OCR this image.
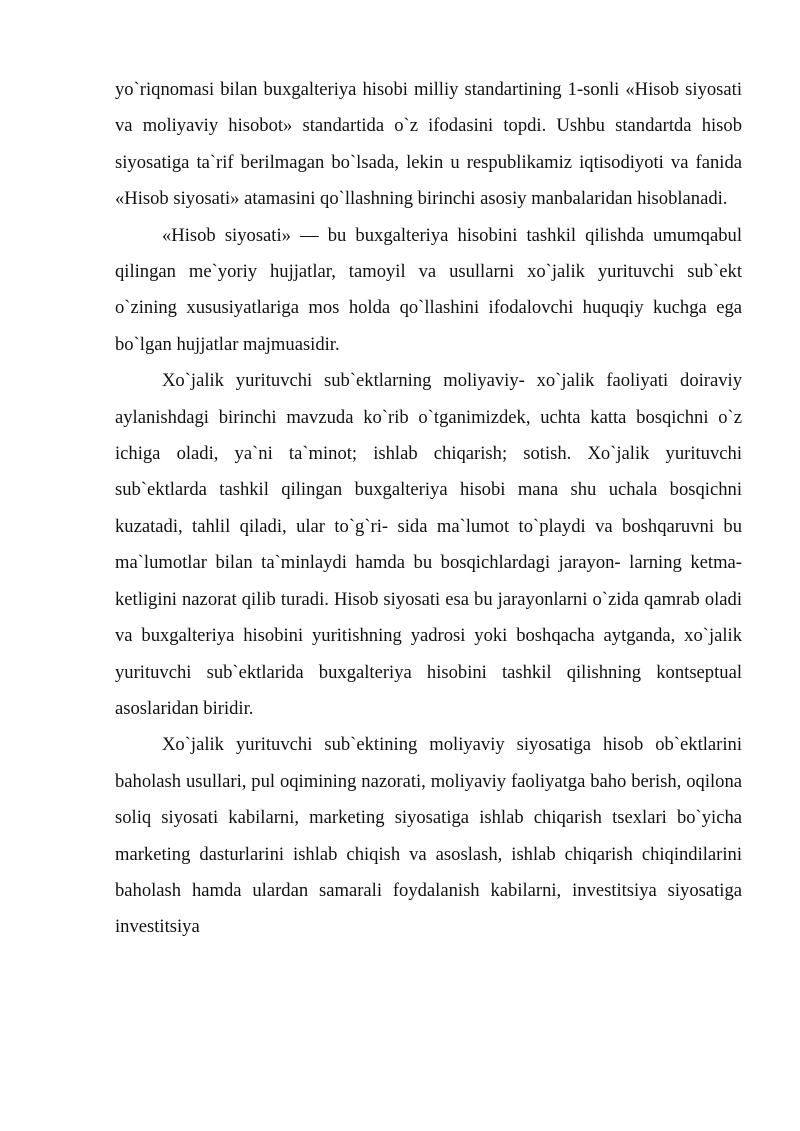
yo`riqnomasi bilan buxgalteriya hisobi milliy standartining 1-sonli «Hisob siyosati va moliyaviy hisobot» standartida o`z ifodasini topdi. Ushbu standartda hisob siyosatiga ta`rif berilmagan bo`lsada, lekin u respublikamiz iqtisodiyoti va fanida «Hisob siyosati» atamasini qo`llashning birinchi asosiy manbalaridan hisoblanadi.

«Hisob siyosati» — bu buxgalteriya hisobini tashkil qilishda umumqabul qilingan me`yoriy hujjatlar, tamoyil va usullarni xo`jalik yurituvchi sub`ekt o`zining xususiyatlariga mos holda qo`llashini ifodalovchi huquqiy kuchga ega bo`lgan hujjatlar majmuasidir.

Xo`jalik yurituvchi sub`ektlarning moliyaviy- xo`jalik faoliyati doiraviy aylanishdagi birinchi mavzuda ko`rib o`tganimizdek, uchta katta bosqichni o`z ichiga oladi, ya`ni ta`minot; ishlab chiqarish; sotish. Xo`jalik yurituvchi sub`ektlarda tashkil qilingan buxgalteriya hisobi mana shu uchala bosqichni kuzatadi, tahlil qiladi, ular to`g`ri- sida ma`lumot to`playdi va boshqaruvni bu ma`lumotlar bilan ta`minlaydi hamda bu bosqichlardagi jarayon- larning ketma-ketligini nazorat qilib turadi. Hisob siyosati esa bu jarayonlarni o`zida qamrab oladi va buxgalteriya hisobini yuritishning yadrosi yoki boshqacha aytganda, xo`jalik yurituvchi sub`ektlarida buxgalteriya hisobini tashkil qilishning kontseptual asoslaridan biridir.

Xo`jalik yurituvchi sub`ektining moliyaviy siyosatiga hisob ob`ektlarini baholash usullari, pul oqimining nazorati, moliyaviy faoliyatga baho berish, oqilona soliq siyosati kabilarni, marketing siyosatiga ishlab chiqarish tsexlari bo`yicha marketing dasturlarini ishlab chiqish va asoslash, ishlab chiqarish chiqindilarini baholash hamda ulardan samarali foydalanish kabilarni, investitsiya siyosatiga investitsiya
